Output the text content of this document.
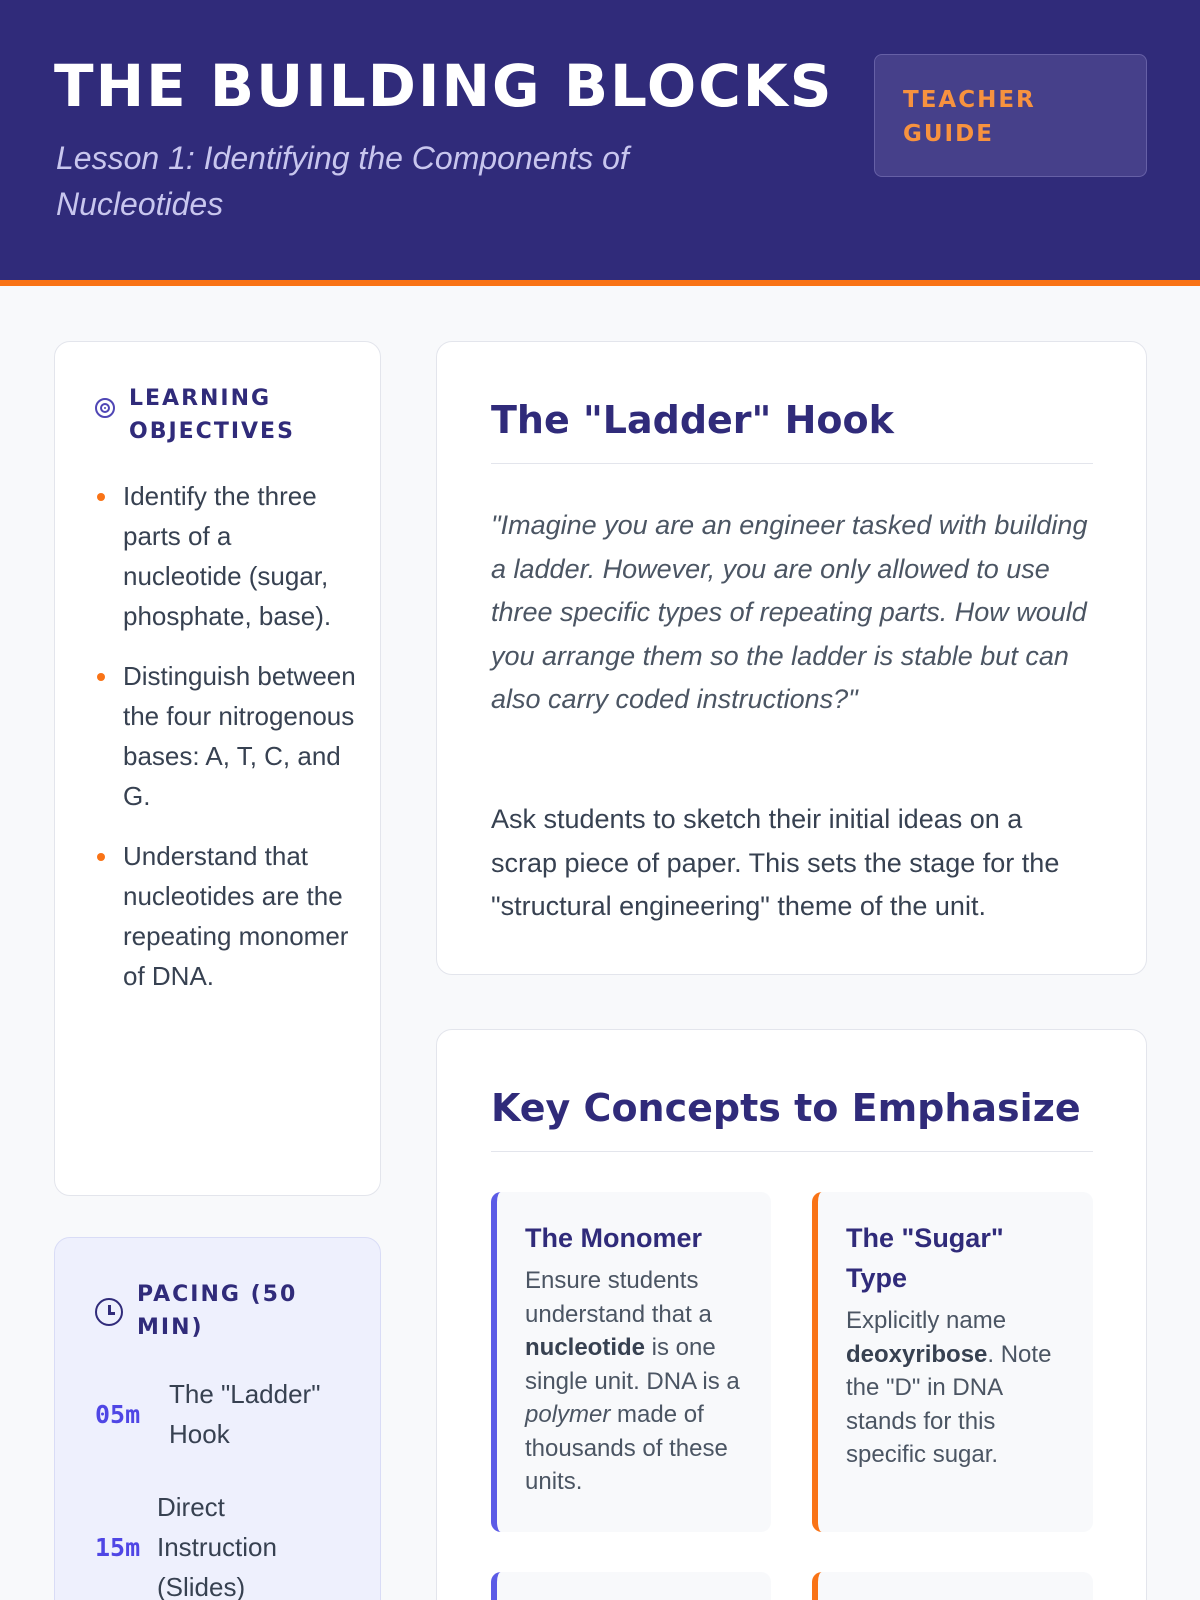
THE BUILDING BLOCKS
Lesson 1: Identifying the Components of Nucleotides
TEACHER GUIDE
LEARNING OBJECTIVES
Identify the three parts of a nucleotide (sugar, phosphate, base).
Distinguish between the four nitrogenous bases: A, T, C, and G.
Understand that nucleotides are the repeating monomer of DNA.
PACING (50 MIN)
05m
The "Ladder" Hook
15m
Direct Instruction (Slides)
The "Ladder" Hook

"Imagine you are an engineer tasked with building a ladder. However, you are only allowed to use three specific types of repeating parts. How would you arrange them so the ladder is stable but can also carry coded instructions?"

Ask students to sketch their initial ideas on a scrap piece of paper. This sets the stage for the "structural engineering" theme of the unit.

Key Concepts to Emphasize
The Monomer
Ensure students understand that a nucleotide is one single unit. DNA is a polymer made of thousands of these units.
The "Sugar" Type
Explicitly name deoxyribose. Note the "D" in DNA stands for this specific sugar.
